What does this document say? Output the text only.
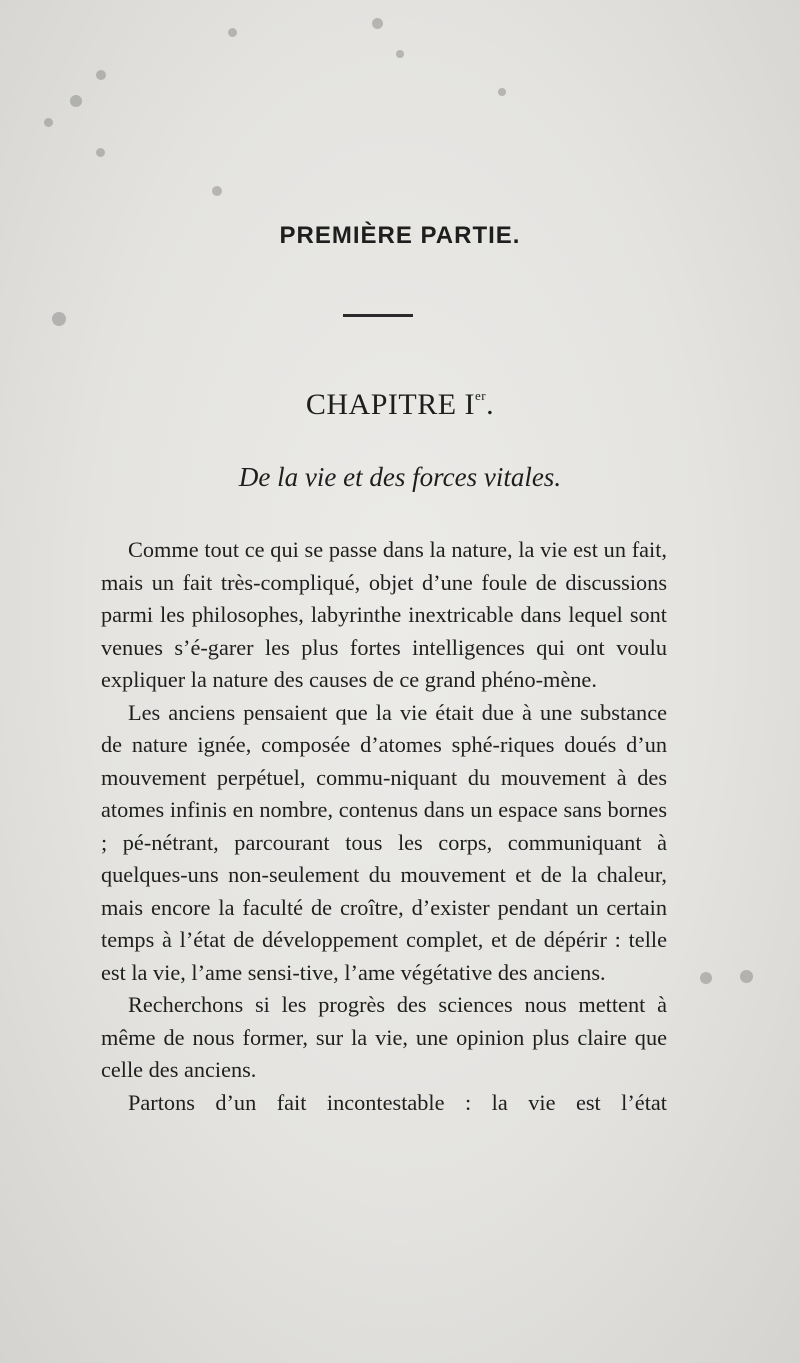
PREMIÈRE PARTIE.
CHAPITRE Ier.
De la vie et des forces vitales.

Comme tout ce qui se passe dans la nature, la vie est un fait, mais un fait très-compliqué, objet d’une foule de discussions parmi les philosophes, labyrinthe inextricable dans lequel sont venues s’é-garer les plus fortes intelligences qui ont voulu expliquer la nature des causes de ce grand phéno-mène.

Les anciens pensaient que la vie était due à une substance de nature ignée, composée d’atomes sphé-riques doués d’un mouvement perpétuel, commu-niquant du mouvement à des atomes infinis en nombre, contenus dans un espace sans bornes ; pé-nétrant, parcourant tous les corps, communiquant à quelques-uns non-seulement du mouvement et de la chaleur, mais encore la faculté de croître, d’exister pendant un certain temps à l’état de développement complet, et de dépérir : telle est la vie, l’ame sensi-tive, l’ame végétative des anciens.

Recherchons si les progrès des sciences nous mettent à même de nous former, sur la vie, une opinion plus claire que celle des anciens.

Partons d’un fait incontestable : la vie est l’état
